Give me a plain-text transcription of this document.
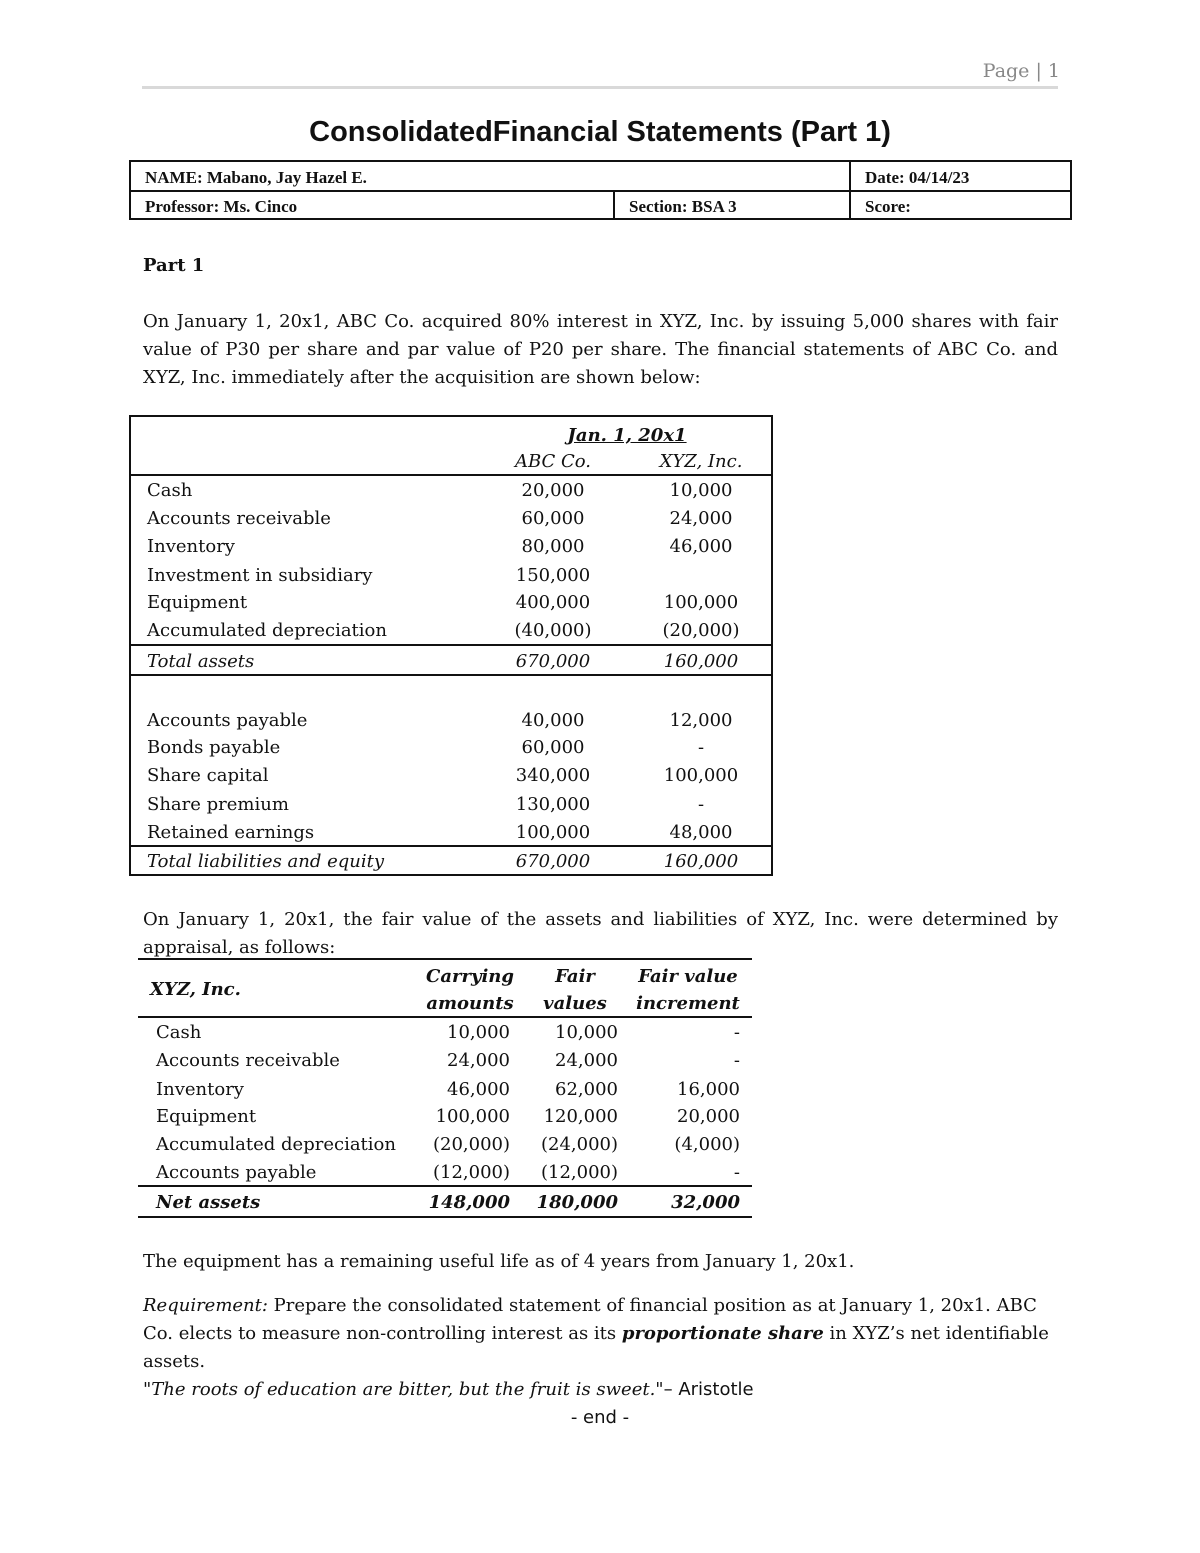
Page | 1
ConsolidatedFinancial Statements (Part 1)
NAME: Mabano, Jay Hazel E.	Date: 04/14/23
Professor: Ms. Cinco	Section: BSA 3	Score:
Part 1
On January 1, 20x1, ABC Co. acquired 80% interest in XYZ, Inc. by issuing 5,000 shares with fair value of P30 per share and par value of P20 per share. The financial statements of ABC Co. and XYZ, Inc. immediately after the acquisition are shown below:
Jan. 1, 20x1
ABC Co.	XYZ, Inc.
Cash	20,000	10,000
Accounts receivable	60,000	24,000
Inventory	80,000	46,000
Investment in subsidiary	150,000
Equipment	400,000	100,000
Accumulated depreciation	(40,000)	(20,000)
Total assets	670,000	160,000
Accounts payable	40,000	12,000
Bonds payable	60,000	-
Share capital	340,000	100,000
Share premium	130,000	-
Retained earnings	100,000	48,000
Total liabilities and equity	670,000	160,000
On January 1, 20x1, the fair value of the assets and liabilities of XYZ, Inc. were determined by appraisal, as follows:
XYZ, Inc.
Carrying	Fair	Fair value
amounts	values	increment
Cash	10,000	10,000	-
Accounts receivable	24,000	24,000	-
Inventory	46,000	62,000	16,000
Equipment	100,000	120,000	20,000
Accumulated depreciation	(20,000)	(24,000)	(4,000)
Accounts payable	(12,000)	(12,000)	-
Net assets	148,000	180,000	32,000
The equipment has a remaining useful life as of 4 years from January 1, 20x1.
Requirement: Prepare the consolidated statement of financial position as at January 1, 20x1. ABC Co. elects to measure non-controlling interest as its proportionate share in XYZ’s net identifiable assets.
"The roots of education are bitter, but the fruit is sweet."– Aristotle
- end -
